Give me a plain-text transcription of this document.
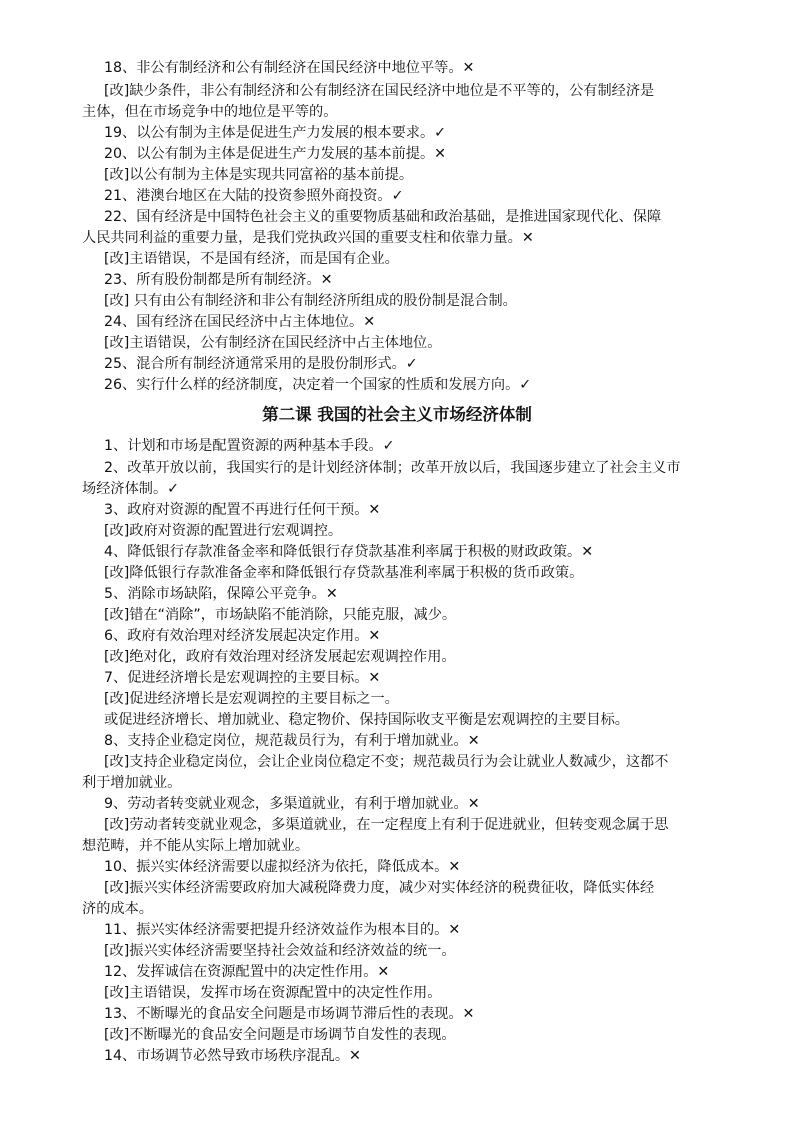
18、非公有制经济和公有制经济在国民经济中地位平等。✕
[改]缺少条件，非公有制经济和公有制经济在国民经济中地位是不平等的，公有制经济是
主体，但在市场竞争中的地位是平等的。
19、以公有制为主体是促进生产力发展的根本要求。✓
20、以公有制为主体是促进生产力发展的基本前提。✕
[改]以公有制为主体是实现共同富裕的基本前提。
21、港澳台地区在大陆的投资参照外商投资。✓
22、国有经济是中国特色社会主义的重要物质基础和政治基础，是推进国家现代化、保障
人民共同利益的重要力量，是我们党执政兴国的重要支柱和依靠力量。✕
[改]主语错误，不是国有经济，而是国有企业。
23、所有股份制都是所有制经济。✕
[改] 只有由公有制经济和非公有制经济所组成的股份制是混合制。
24、国有经济在国民经济中占主体地位。✕
[改]主语错误，公有制经济在国民经济中占主体地位。
25、混合所有制经济通常采用的是股份制形式。✓
26、实行什么样的经济制度，决定着一个国家的性质和发展方向。✓
第二课 我国的社会主义市场经济体制
1、计划和市场是配置资源的两种基本手段。✓
2、改革开放以前，我国实行的是计划经济体制；改革开放以后，我国逐步建立了社会主义市
场经济体制。✓
3、政府对资源的配置不再进行任何干预。✕
[改]政府对资源的配置进行宏观调控。
4、降低银行存款准备金率和降低银行存贷款基准利率属于积极的财政政策。✕
[改]降低银行存款准备金率和降低银行存贷款基准利率属于积极的货币政策。
5、消除市场缺陷，保障公平竞争。✕
[改]错在“消除”，市场缺陷不能消除，只能克服，减少。
6、政府有效治理对经济发展起决定作用。✕
[改]绝对化，政府有效治理对经济发展起宏观调控作用。
7、促进经济增长是宏观调控的主要目标。✕
[改]促进经济增长是宏观调控的主要目标之一。
或促进经济增长、增加就业、稳定物价、保持国际收支平衡是宏观调控的主要目标。
8、支持企业稳定岗位，规范裁员行为，有利于增加就业。✕
[改]支持企业稳定岗位，会让企业岗位稳定不变；规范裁员行为会让就业人数减少，这都不
利于增加就业。
9、劳动者转变就业观念，多渠道就业，有利于增加就业。✕
[改]劳动者转变就业观念，多渠道就业，在一定程度上有利于促进就业，但转变观念属于思
想范畴，并不能从实际上增加就业。
10、振兴实体经济需要以虚拟经济为依托，降低成本。✕
[改]振兴实体经济需要政府加大减税降费力度，减少对实体经济的税费征收，降低实体经
济的成本。
11、振兴实体经济需要把提升经济效益作为根本目的。✕
[改]振兴实体经济需要坚持社会效益和经济效益的统一。
12、发挥诚信在资源配置中的决定性作用。✕
[改]主语错误，发挥市场在资源配置中的决定性作用。
13、不断曝光的食品安全问题是市场调节滞后性的表现。✕
[改]不断曝光的食品安全问题是市场调节自发性的表现。
14、市场调节必然导致市场秩序混乱。✕
